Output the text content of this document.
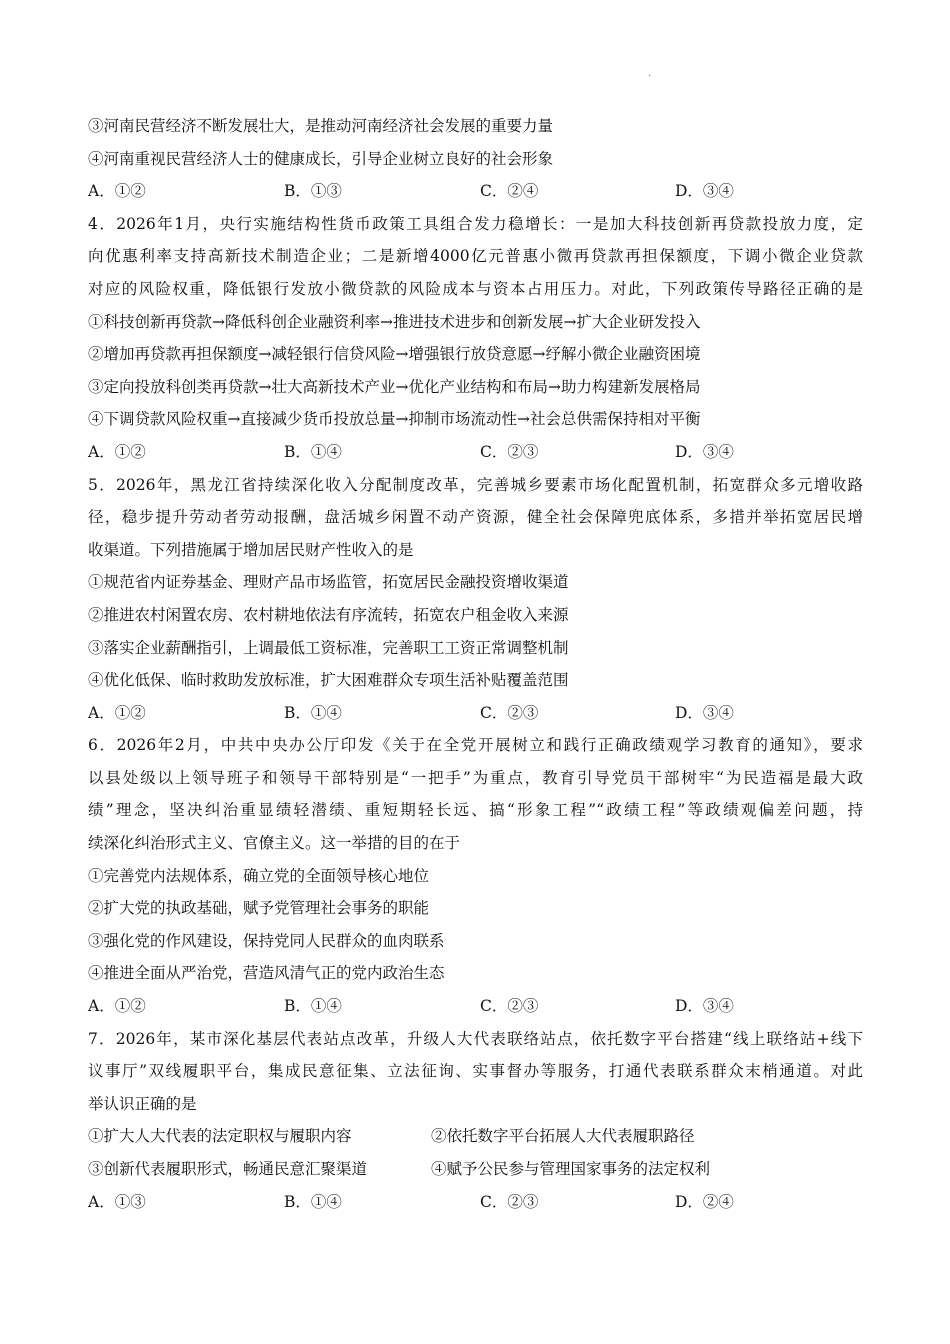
.
③河南民营经济不断发展壮大，是推动河南经济社会发展的重要力量
④河南重视民营经济人士的健康成长，引导企业树立良好的社会形象
A．①②	B．①③	C．②④	D．③④
4．2026年1月，央行实施结构性货币政策工具组合发力稳增长：一是加大科技创新再贷款投放力度，定
向优惠利率支持高新技术制造企业；二是新增4000亿元普惠小微再贷款再担保额度，下调小微企业贷款
对应的风险权重，降低银行发放小微贷款的风险成本与资本占用压力。对此，下列政策传导路径正确的是
①科技创新再贷款→降低科创企业融资利率→推进技术进步和创新发展→扩大企业研发投入
②增加再贷款再担保额度→减轻银行信贷风险→增强银行放贷意愿→纾解小微企业融资困境
③定向投放科创类再贷款→壮大高新技术产业→优化产业结构和布局→助力构建新发展格局
④下调贷款风险权重→直接减少货币投放总量→抑制市场流动性→社会总供需保持相对平衡
A．①②	B．①④	C．②③	D．③④
5．2026年，黑龙江省持续深化收入分配制度改革，完善城乡要素市场化配置机制，拓宽群众多元增收路
径，稳步提升劳动者劳动报酬，盘活城乡闲置不动产资源，健全社会保障兜底体系，多措并举拓宽居民增
收渠道。下列措施属于增加居民财产性收入的是
①规范省内证券基金、理财产品市场监管，拓宽居民金融投资增收渠道
②推进农村闲置农房、农村耕地依法有序流转，拓宽农户租金收入来源
③落实企业薪酬指引，上调最低工资标准，完善职工工资正常调整机制
④优化低保、临时救助发放标准，扩大困难群众专项生活补贴覆盖范围
A．①②	B．①④	C．②③	D．③④
6．2026年2月，中共中央办公厅印发《关于在全党开展树立和践行正确政绩观学习教育的通知》，要求
以县处级以上领导班子和领导干部特别是“一把手”为重点，教育引导党员干部树牢“为民造福是最大政
绩”理念，坚决纠治重显绩轻潜绩、重短期轻长远、搞“形象工程”“政绩工程”等政绩观偏差问题，持
续深化纠治形式主义、官僚主义。这一举措的目的在于
①完善党内法规体系，确立党的全面领导核心地位
②扩大党的执政基础，赋予党管理社会事务的职能
③强化党的作风建设，保持党同人民群众的血肉联系
④推进全面从严治党，营造风清气正的党内政治生态
A．①②	B．①④	C．②③	D．③④
7．2026年，某市深化基层代表站点改革，升级人大代表联络站点，依托数字平台搭建“线上联络站+线下
议事厅”双线履职平台，集成民意征集、立法征询、实事督办等服务，打通代表联系群众末梢通道。对此
举认识正确的是
①扩大人大代表的法定职权与履职内容	②依托数字平台拓展人大代表履职路径
③创新代表履职形式，畅通民意汇聚渠道	④赋予公民参与管理国家事务的法定权利
A．①③	B．①④	C．②③	D．②④
